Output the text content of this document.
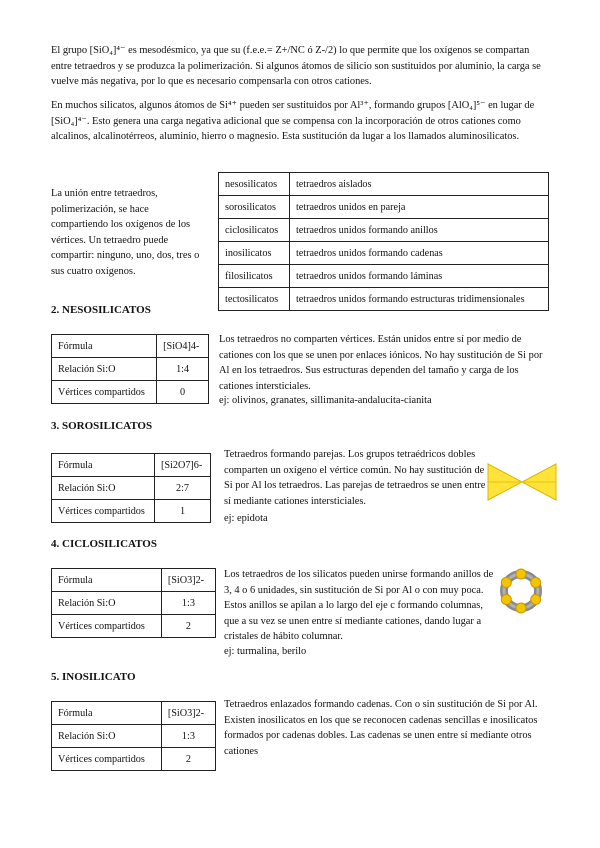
El grupo [SiO₄]⁴⁻ es mesodésmico, ya que su (f.e.e.= Z+/NC ó Z-/2) lo que permite que los oxígenos se compartan entre tetraedros y se produzca la polimerización. Si algunos átomos de silicio son sustituidos por aluminio, la carga se vuelve más negativa, por lo que es necesario compensarla con otros cationes.

En muchos silicatos, algunos átomos de Si⁴⁺ pueden ser sustituidos por Al³⁺, formando grupos [AlO₄]⁵⁻ en lugar de [SiO₄]⁴⁻. Esto genera una carga negativa adicional que se compensa con la incorporación de otros cationes como alcalinos, alcalinotérreos, aluminio, hierro o magnesio. Esta sustitución da lugar a los llamados aluminosilicatos.

La unión entre tetraedros, polimerización, se hace compartiendo los oxígenos de los vértices. Un tetraedro puede compartir: ninguno, uno, dos, tres o sus cuatro oxígenos.

nesosilicatos	tetraedros aislados
sorosilicatos	tetraedros unidos en pareja
ciclosilicatos	tetraedros unidos formando anillos
inosilicatos	tetraedros unidos formando cadenas
filosilicatos	tetraedros unidos formando láminas
tectosilicatos	tetraedros unidos formando estructuras tridimensionales

2. NESOSILICATOS

Fórmula	[SiO4]4-
Relación Si:O	1:4
Vértices compartidos	0

Los tetraedros no comparten vértices. Están unidos entre sí por medio de cationes con los que se unen por enlaces iónicos. No hay sustitución de Si por Al en los tetraedros. Sus estructuras dependen del tamaño y carga de los cationes intersticiales.

ej: olivinos, granates, sillimanita-andalucita-cianita

3. SOROSILICATOS

Fórmula	[Si2O7]6-
Relación Si:O	2:7
Vértices compartidos	1

Tetraedros formando parejas. Los grupos tetraédricos dobles comparten un oxígeno el vértice común. No hay sustitución de Si por Al los tetraedros. Las parejas de tetraedros se unen entre sí mediante cationes intersticiales.

ej: epidota

4. CICLOSILICATOS

Fórmula	[SiO3]2-
Relación Si:O	1:3
Vértices compartidos	2

Los tetraedros de los silicatos pueden unirse formando anillos de 3, 4 o 6 unidades, sin sustitución de Si por Al o con muy poca. Estos anillos se apilan a lo largo del eje c formando columnas, que a su vez se unen entre sí mediante cationes, dando lugar a cristales de hábito columnar.

ej: turmalina, berilo

5. INOSILICATO

Fórmula	[SiO3]2-
Relación Si:O	1:3
Vértices compartidos	2

Tetraedros enlazados formando cadenas. Con o sin sustitución de Si por Al. Existen inosilicatos en los que se reconocen cadenas sencillas e inosilicatos formados por cadenas dobles. Las cadenas se unen entre sí mediante otros cationes
